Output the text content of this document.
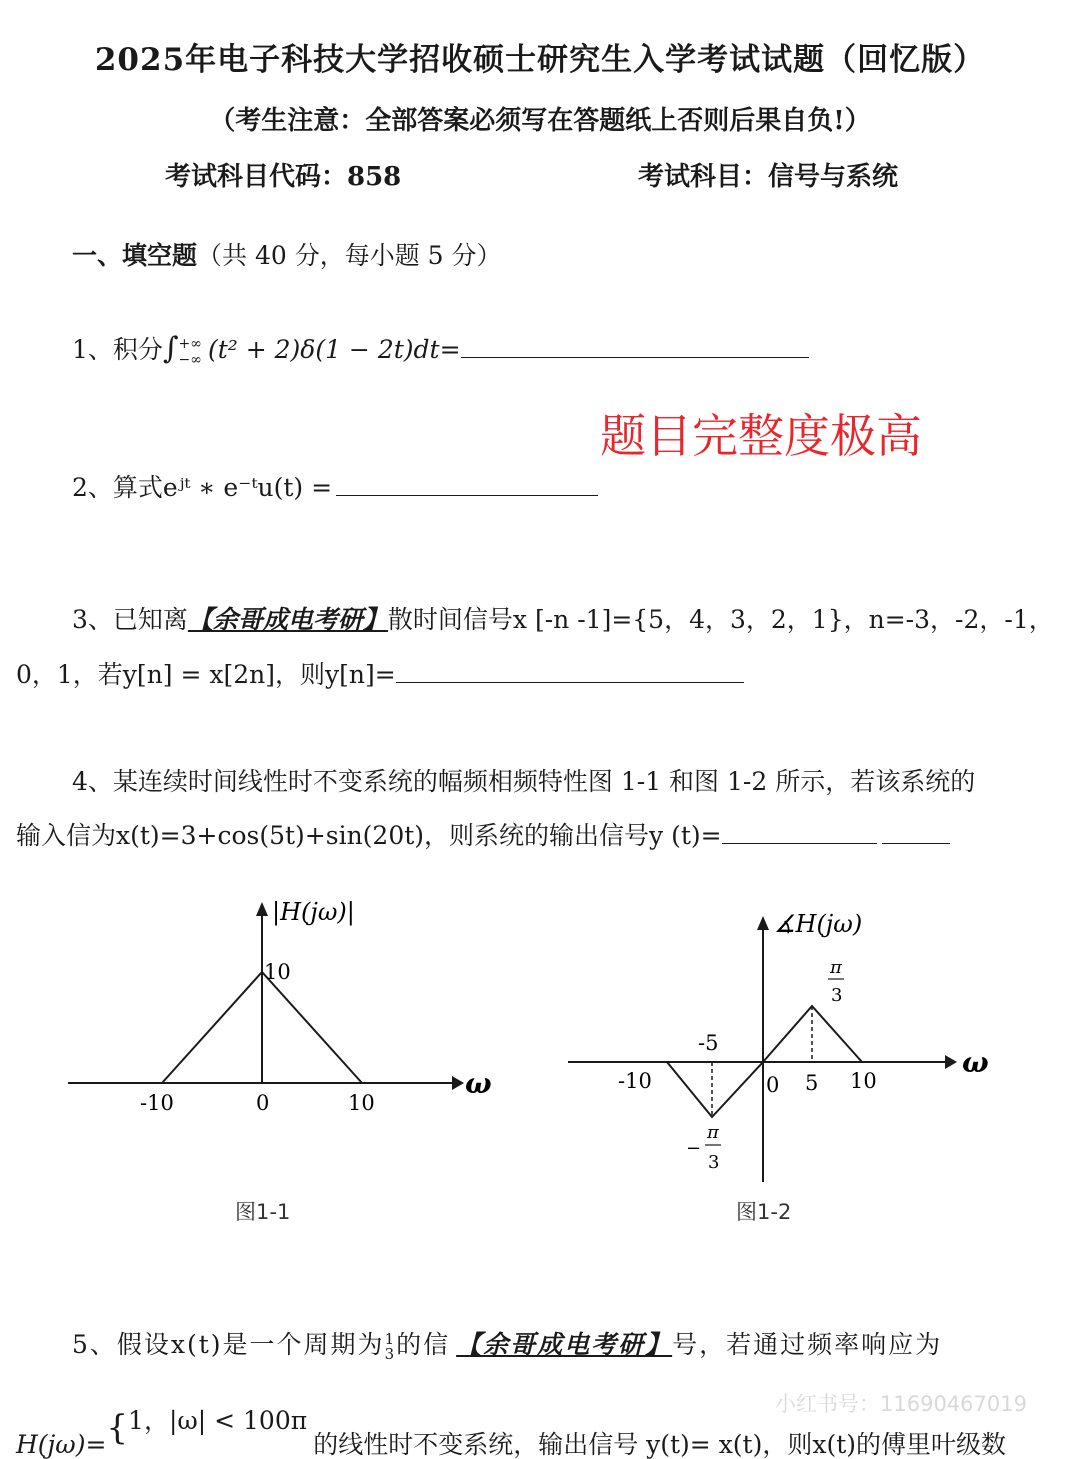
2025年电子科技大学招收硕士研究生入学考试试题（回忆版）
（考生注意：全部答案必须写在答题纸上否则后果自负!）
考试科目代码：858	考试科目：信号与系统
一、填空题（共 40 分，每小题 5 分）
1、积分∫+∞
−∞ (t² + 2)δ(1 − 2t)dt=
题目完整度极高
2、算式eʲᵗ ∗ e⁻ᵗu(t) =
3、已知离【余哥成电考研】散时间信号x [-n -1]={5，4，3，2，1}，n=-3，-2，-1，
0，1，若y[n] = x[2n]，则y[n]=
4、某连续时间线性时不变系统的幅频相频特性图 1-1 和图 1-2 所示，若该系统的
输入信为x(t)=3+cos(5t)+sin(20t)，则系统的输出信号y (t)=
|H(jω)|
ω
10
-10	0	10
图1-1
∡H(jω)
ω
-10
-5
0 5 10
π
3
−
π
3
图1-2
5、假设x(t)是一个周期为1
3的信 【余哥成电考研】号，若通过频率响应为
H(jω)={1，|ω| < 100π的线性时不变系统，输出信号 y(t)= x(t)，则x(t)的傅里叶级数
小红书号：11690467019
